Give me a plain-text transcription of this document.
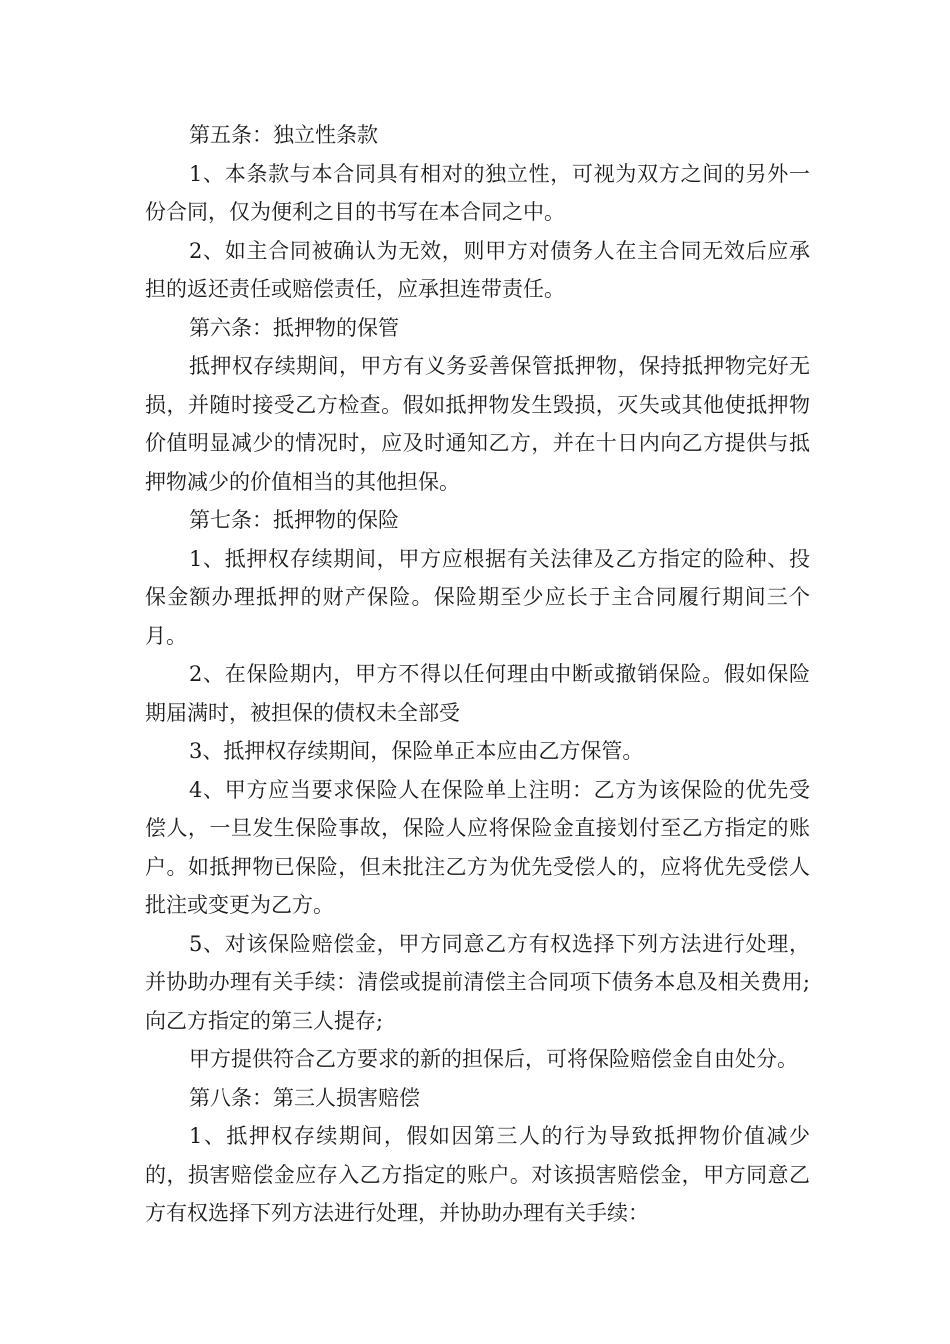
第五条：独立性条款

1、本条款与本合同具有相对的独立性，可视为双方之间的另外一份合同，仅为便利之目的书写在本合同之中。

2、如主合同被确认为无效，则甲方对债务人在主合同无效后应承担的返还责任或赔偿责任，应承担连带责任。

第六条：抵押物的保管

抵押权存续期间，甲方有义务妥善保管抵押物，保持抵押物完好无损，并随时接受乙方检查。假如抵押物发生毁损，灭失或其他使抵押物价值明显减少的情况时，应及时通知乙方，并在十日内向乙方提供与抵押物减少的价值相当的其他担保。

第七条：抵押物的保险

1、抵押权存续期间，甲方应根据有关法律及乙方指定的险种、投保金额办理抵押的财产保险。保险期至少应长于主合同履行期间三个月。

2、在保险期内，甲方不得以任何理由中断或撤销保险。假如保险期届满时，被担保的债权未全部受

3、抵押权存续期间，保险单正本应由乙方保管。

4、甲方应当要求保险人在保险单上注明：乙方为该保险的优先受偿人，一旦发生保险事故，保险人应将保险金直接划付至乙方指定的账户。如抵押物已保险，但未批注乙方为优先受偿人的，应将优先受偿人批注或变更为乙方。

5、对该保险赔偿金，甲方同意乙方有权选择下列方法进行处理，并协助办理有关手续：清偿或提前清偿主合同项下债务本息及相关费用;向乙方指定的第三人提存;

甲方提供符合乙方要求的新的担保后，可将保险赔偿金自由处分。

第八条：第三人损害赔偿

1、抵押权存续期间，假如因第三人的行为导致抵押物价值减少的，损害赔偿金应存入乙方指定的账户。对该损害赔偿金，甲方同意乙方有权选择下列方法进行处理，并协助办理有关手续：
